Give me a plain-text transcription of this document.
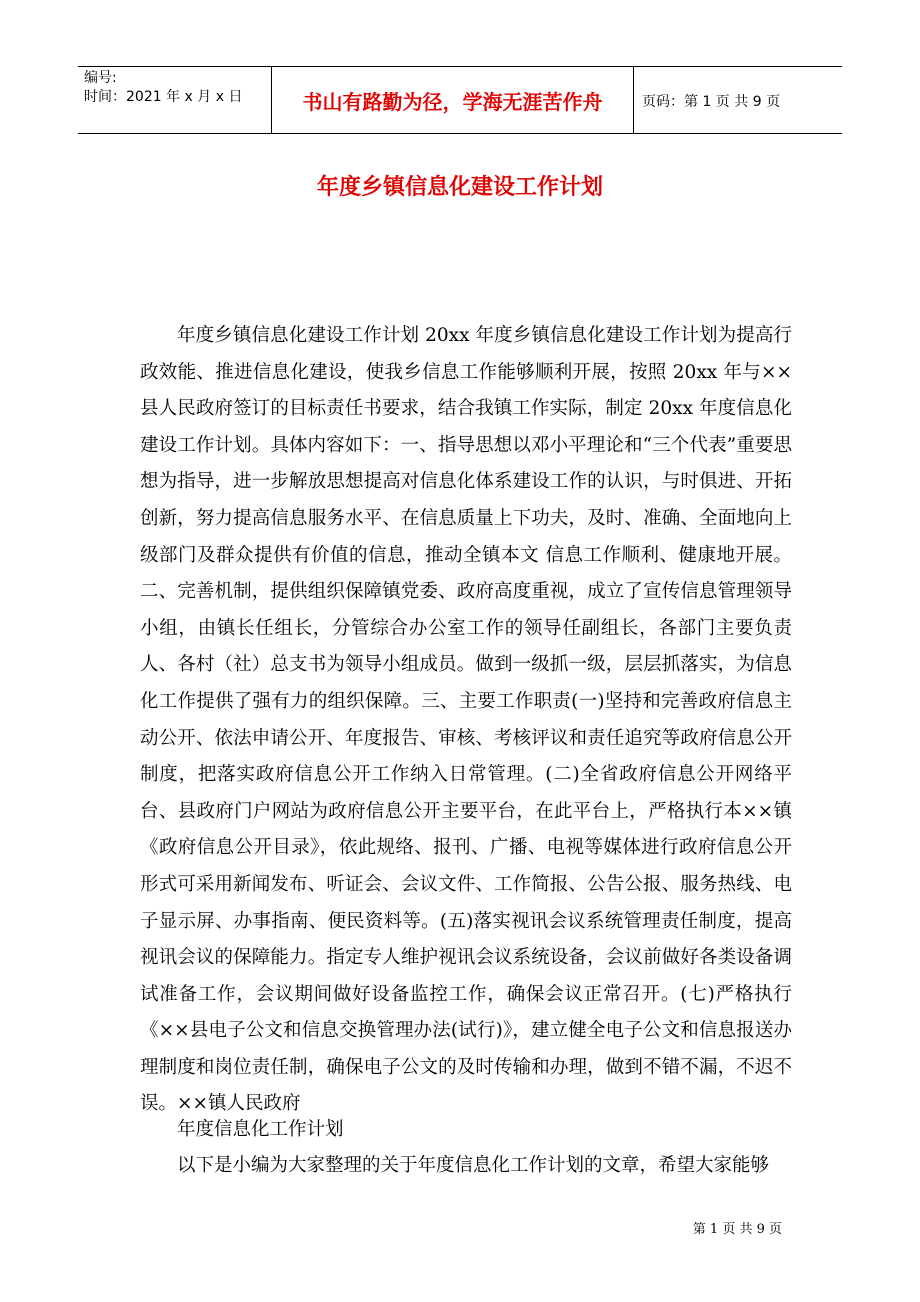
编号:
时间：2021 年 x 月 x 日	书山有路勤为径，学海无涯苦作舟	页码：第 1 页 共 9 页
年度乡镇信息化建设工作计划

年度乡镇信息化建设工作计划 20xx 年度乡镇信息化建设工作计划为提高行政效能、推进信息化建设，使我乡信息工作能够顺利开展，按照 20xx 年与××县人民政府签订的目标责任书要求，结合我镇工作实际，制定 20xx 年度信息化建设工作计划。具体内容如下：一、指导思想以邓小平理论和“三个代表”重要思想为指导，进一步解放思想提高对信息化体系建设工作的认识，与时俱进、开拓创新，努力提高信息服务水平、在信息质量上下功夫，及时、准确、全面地向上级部门及群众提供有价值的信息，推动全镇本文 信息工作顺利、健康地开展。二、完善机制，提供组织保障镇党委、政府高度重视，成立了宣传信息管理领导小组，由镇长任组长，分管综合办公室工作的领导任副组长，各部门主要负责人、各村（社）总支书为领导小组成员。做到一级抓一级，层层抓落实，为信息化工作提供了强有力的组织保障。三、主要工作职责(一)坚持和完善政府信息主动公开、依法申请公开、年度报告、审核、考核评议和责任追究等政府信息公开制度，把落实政府信息公开工作纳入日常管理。(二)全省政府信息公开网络平台、县政府门户网站为政府信息公开主要平台，在此平台上，严格执行本××镇《政府信息公开目录》，依此规络、报刊、广播、电视等媒体进行政府信息公开形式可采用新闻发布、听证会、会议文件、工作简报、公告公报、服务热线、电子显示屏、办事指南、便民资料等。(五)落实视讯会议系统管理责任制度，提高视讯会议的保障能力。指定专人维护视讯会议系统设备，会议前做好各类设备调试准备工作，会议期间做好设备监控工作，确保会议正常召开。(七)严格执行《××县电子公文和信息交换管理办法(试行)》，建立健全电子公文和信息报送办理制度和岗位责任制，确保电子公文的及时传输和办理，做到不错不漏，不迟不误。××镇人民政府

年度信息化工作计划

以下是小编为大家整理的关于年度信息化工作计划的文章，希望大家能够

第 1 页 共 9 页
